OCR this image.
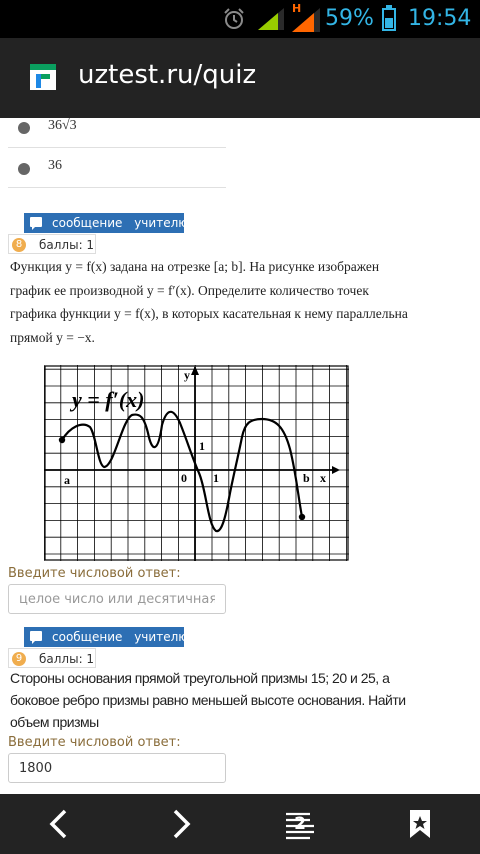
H 59% 19:54
uztest.ru/quiz
36√3
36
сообщение учителю
8	баллы: 1
Функция y = f(x) задана на отрезке [a; b]. На рисунке изображен
график ее производной y = f′(x). Определите количество точек
графика функции y = f(x), в которых касательная к нему параллельна
прямой y = −x.
y = f′(x)
y
x
0 1
1
a	b
Введите числовой ответ:
целое число или десятичная дробь
сообщение учителю
9	баллы: 1
Стороны основания прямой треугольной призмы 15; 20 и 25, а
боковое ребро призмы равно меньшей высоте основания. Найти
объем призмы
Введите числовой ответ:
1800
2
